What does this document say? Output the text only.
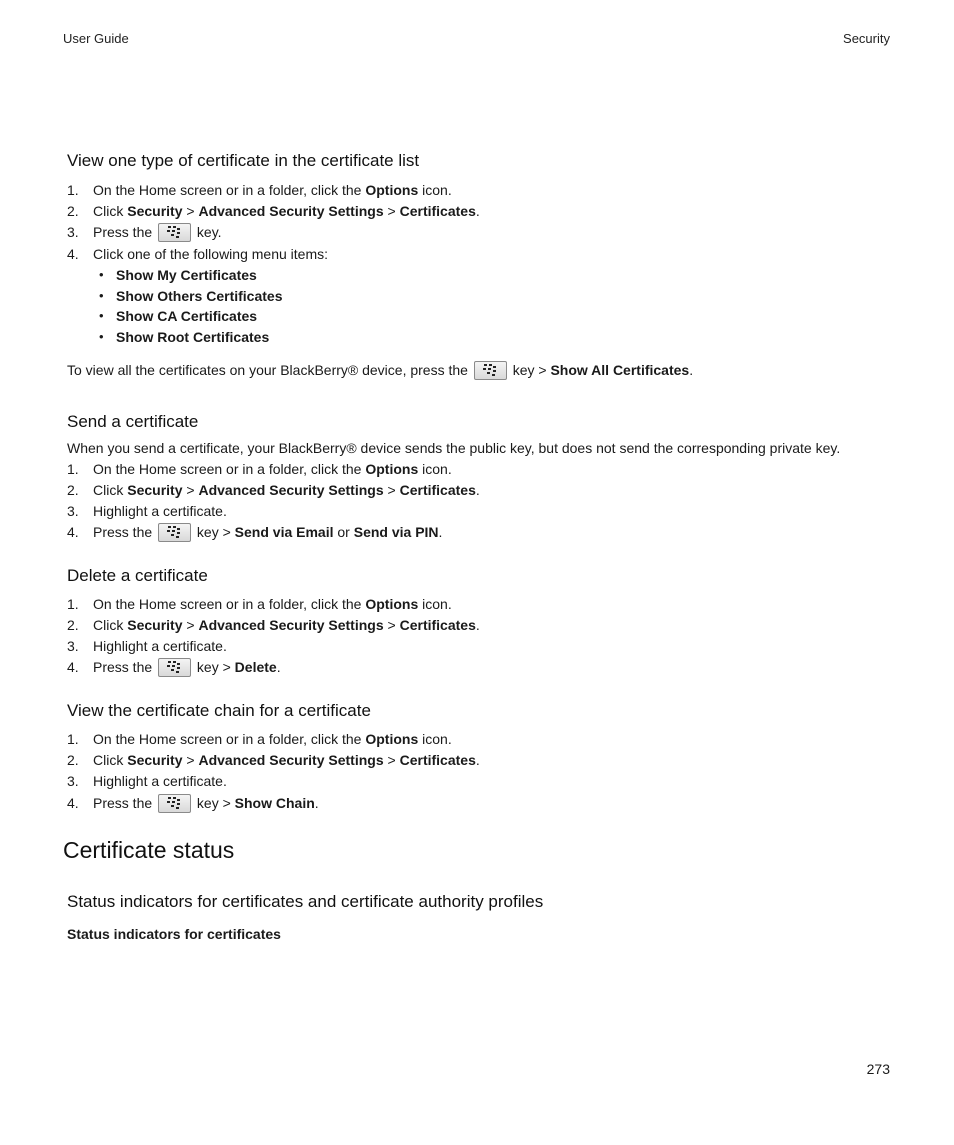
User Guide	Security
View one type of certificate in the certificate list
1.	On the Home screen or in a folder, click the Options icon.
2.	Click Security > Advanced Security Settings > Certificates.
3.	Press the	key.
4.	Click one of the following menu items:
• Show My Certificates
• Show Others Certificates
• Show CA Certificates
• Show Root Certificates
To view all the certificates on your BlackBerry® device, press the	key > Show All Certificates.
Send a certificate
When you send a certificate, your BlackBerry® device sends the public key, but does not send the corresponding private key.
1.	On the Home screen or in a folder, click the Options icon.
2.	Click Security > Advanced Security Settings > Certificates.
3.	Highlight a certificate.
4.	Press the	key > Send via Email or Send via PIN.
Delete a certificate
1.	On the Home screen or in a folder, click the Options icon.
2.	Click Security > Advanced Security Settings > Certificates.
3.	Highlight a certificate.
4.	Press the	key > Delete.
View the certificate chain for a certificate
1.	On the Home screen or in a folder, click the Options icon.
2.	Click Security > Advanced Security Settings > Certificates.
3.	Highlight a certificate.
4.	Press the	key > Show Chain.
Certificate status
Status indicators for certificates and certificate authority profiles
Status indicators for certificates
273
